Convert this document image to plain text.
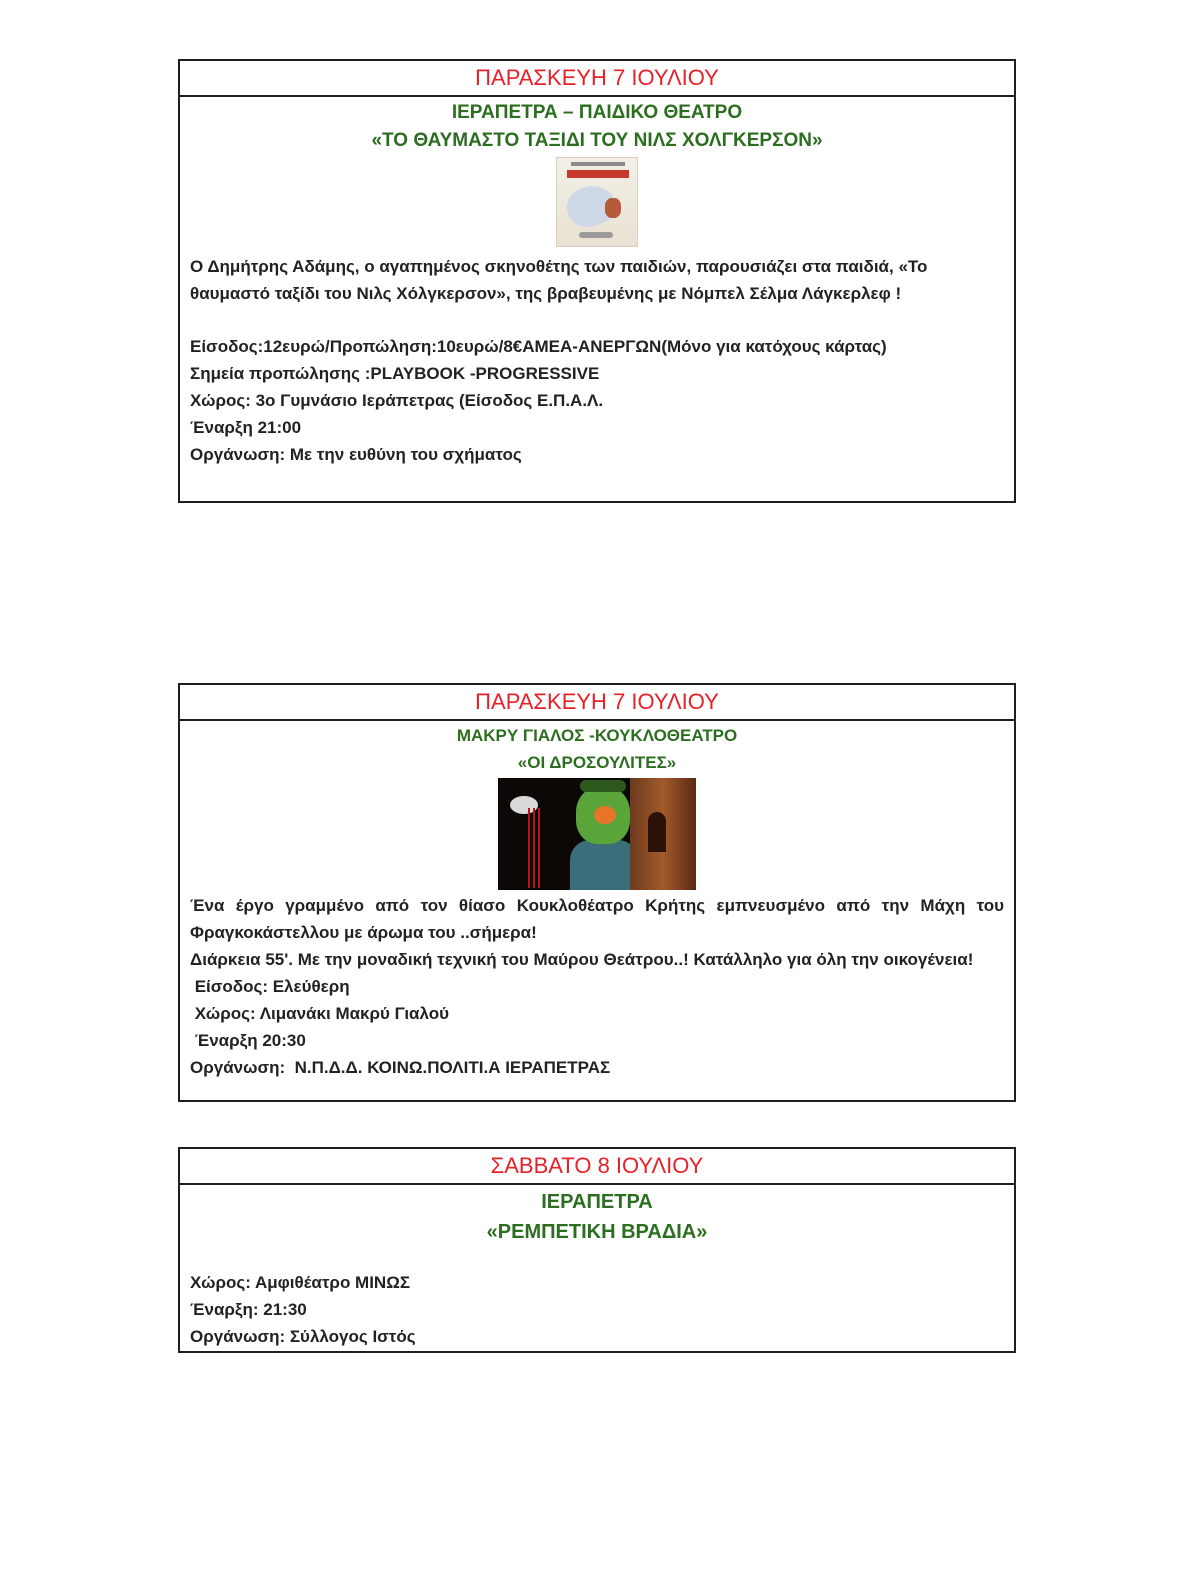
ΠΑΡΑΣΚΕΥΗ 7 ΙΟΥΛΙΟΥ
ΙΕΡΑΠΕΤΡΑ – ΠΑΙΔΙΚΟ ΘΕΑΤΡΟ
«ΤΟ ΘΑΥΜΑΣΤΟ ΤΑΞΙΔΙ ΤΟΥ ΝΙΛΣ ΧΟΛΓΚΕΡΣΟΝ»
Ο Δημήτρης Αδάμης, ο αγαπημένος σκηνοθέτης των παιδιών, παρουσιάζει στα παιδιά, «Το θαυμαστό ταξίδι του Νιλς Χόλγκερσον», της βραβευμένης με Νόμπελ Σέλμα Λάγκερλεφ !
Είσοδος:12ευρώ/Προπώληση:10ευρώ/8€ΑΜΕΑ-ΑΝΕΡΓΩΝ(Μόνο για κατόχους κάρτας)
Σημεία προπώλησης :PLAYBOOK -PROGRESSIVE
Χώρος: 3ο Γυμνάσιο Ιεράπετρας (Είσοδος Ε.Π.Α.Λ.
Έναρξη 21:00
Οργάνωση: Με την ευθύνη του σχήματος
ΠΑΡΑΣΚΕΥΗ 7 ΙΟΥΛΙΟΥ
ΜΑΚΡΥ ΓΙΑΛΟΣ -ΚΟΥΚΛΟΘΕΑΤΡΟ
«ΟΙ ΔΡΟΣΟΥΛΙΤΕΣ»
Ένα έργο γραμμένο από τον θίασο Κουκλοθέατρο Κρήτης εμπνευσμένο από την Μάχη του Φραγκοκάστελλου με άρωμα του ..σήμερα!
Διάρκεια 55'. Με την μοναδική τεχνική του Μαύρου Θεάτρου..! Κατάλληλο για όλη την οικογένεια!
Είσοδος: Ελεύθερη
Χώρος: Λιμανάκι Μακρύ Γιαλού
Έναρξη 20:30
Οργάνωση:  Ν.Π.Δ.Δ. ΚΟΙΝΩ.ΠΟΛΙΤΙ.Α ΙΕΡΑΠΕΤΡΑΣ
ΣΑΒΒΑΤΟ 8 ΙΟΥΛΙΟΥ
ΙΕΡΑΠΕΤΡΑ
«ΡΕΜΠΕΤΙΚΗ ΒΡΑΔΙΑ»
Χώρος: Αμφιθέατρο ΜΙΝΩΣ
Έναρξη: 21:30
Οργάνωση: Σύλλογος Ιστός
